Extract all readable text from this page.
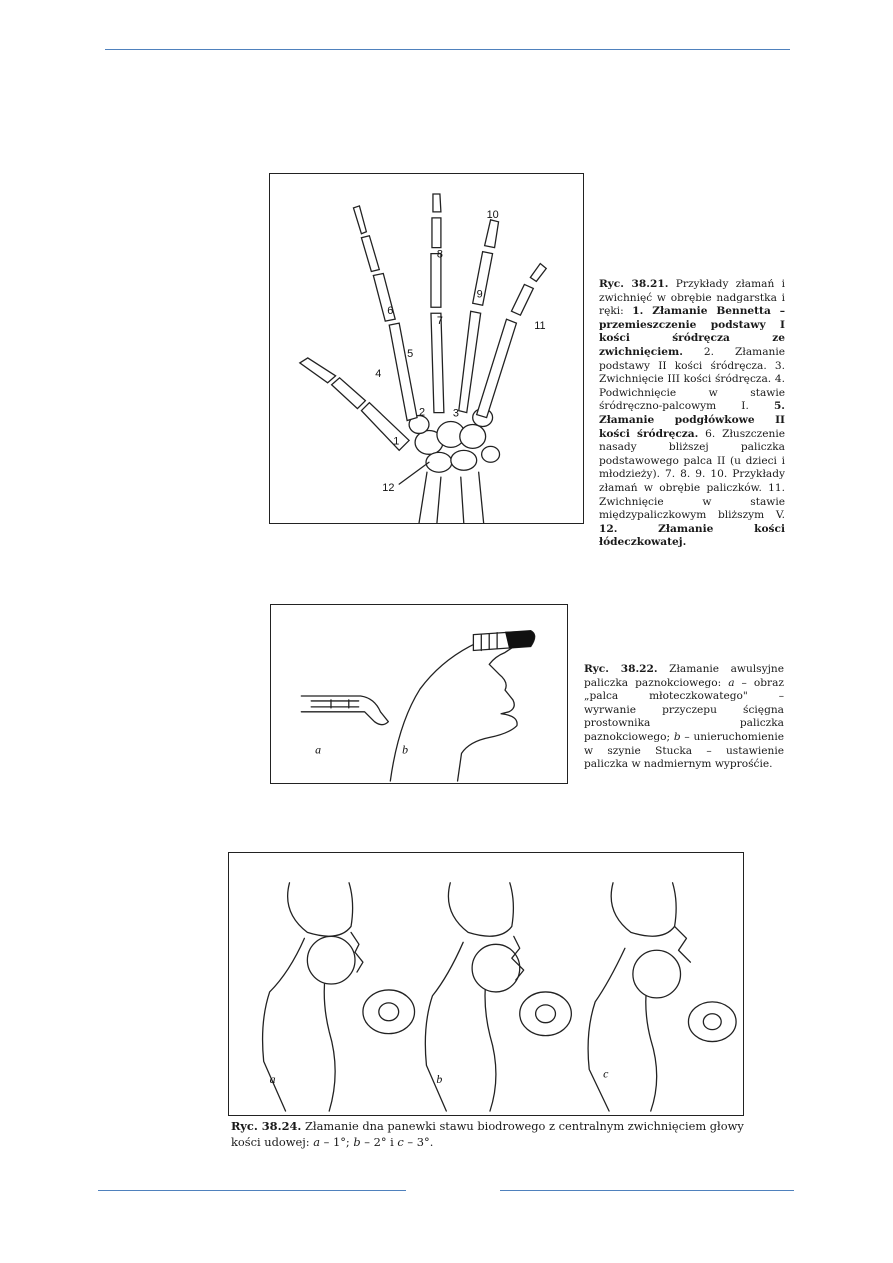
1
2	3
4
5
6
7
8
9
10
11
12
Ryc. 38.21. Przykłady złamań i zwichnięć w obrębie nadgarstka i ręki: 1. Złamanie Bennetta – przemieszczenie podstawy I kości śródręcza ze zwichnięciem. 2. Złamanie podstawy II kości śródręcza. 3. Zwichnięcie III kości śródręcza. 4. Podwichnięcie w stawie śródręczno-palcowym I. 5. Złamanie podgłówkowe II kości śródręcza. 6. Złuszczenie nasady bliższej paliczka podstawowego palca II (u dzieci i młodzieży). 7. 8. 9. 10. Przykłady złamań w obrębie paliczków. 11. Zwichnięcie w stawie międzypaliczkowym bliższym V. 12. Złamanie kości łódeczkowatej.
a	b
Ryc. 38.22. Złamanie awulsyjne paliczka paznokciowego: a – obraz „palca młoteczkowatego" – wyrwanie przyczepu ścięgna prostownika paliczka paznokciowego; b – unieruchomienie w szynie Stucka – ustawienie paliczka w nadmiernym wyprośćie.
a	b	c
Ryc. 38.24. Złamanie dna panewki stawu biodrowego z centralnym zwichnięciem głowy kości udowej: a – 1°; b – 2° i c – 3°.
